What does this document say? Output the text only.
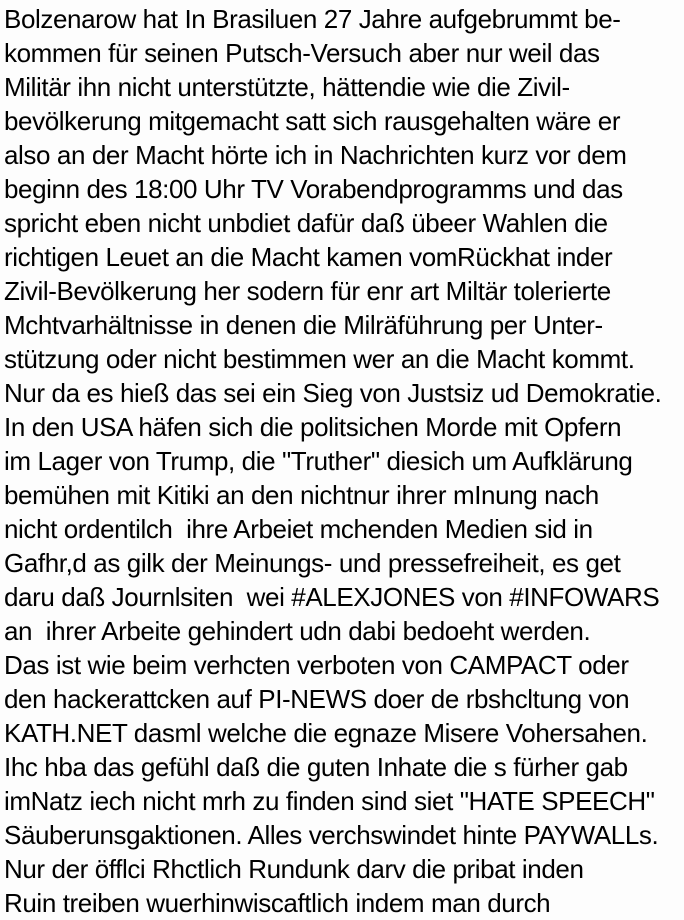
Bolzenarow hat In Brasiluen 27 Jahre aufgebrummt be-
kommen für seinen Putsch-Versuch aber nur weil das
Militär ihn nicht unterstützte, hättendie wie die Zivil-
bevölkerung mitgemacht satt sich rausgehalten wäre er
also an der Macht hörte ich in Nachrichten kurz vor dem
beginn des 18:00 Uhr TV Vorabendprogramms und das
spricht eben nicht unbdiet dafür daß übeer Wahlen die
richtigen Leuet an die Macht kamen vomRückhat inder
Zivil-Bevölkerung her sodern für enr art Miltär tolerierte
Mchtvarhältnisse in denen die Milräführung per Unter-
stützung oder nicht bestimmen wer an die Macht kommt.
Nur da es hieß das sei ein Sieg von Justsiz ud Demokratie.
In den USA häfen sich die politsichen Morde mit Opfern
im Lager von Trump, die "Truther" diesich um Aufklärung
bemühen mit Kitiki an den nichtnur ihrer mInung nach
nicht ordentilch  ihre Arbeiet mchenden Medien sid in
Gafhr,d as gilk der Meinungs- und pressefreiheit, es get
daru daß Journlsiten  wei #ALEXJONES von #INFOWARS
an  ihrer Arbeite gehindert udn dabi bedoeht werden.
Das ist wie beim verhcten verboten von CAMPACT oder
den hackerattcken auf PI-NEWS doer de rbshcltung von
KATH.NET dasml welche die egnaze Misere Vohersahen.
Ihc hba das gefühl daß die guten Inhate die s fürher gab
imNatz iech nicht mrh zu finden sind siet "HATE SPEECH"
Säuberunsgaktionen. Alles verchswindet hinte PAYWALLs.
Nur der öfflci Rhctlich Rundunk darv die pribat inden
Ruin treiben wuerhinwiscaftlich indem man durch
